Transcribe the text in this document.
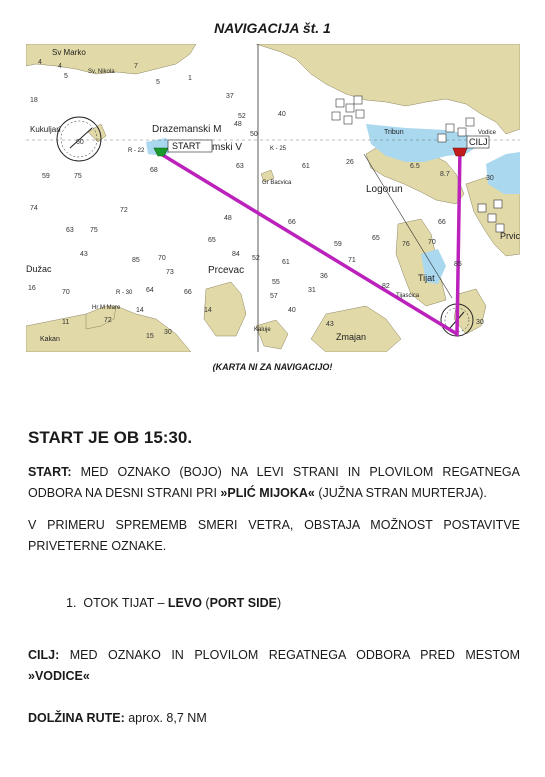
NAVIGACIJA št. 1
START	CILJ
Sv Marko
Sv. Nikola
Kukuljari	Drazemanski M
mski V
Gr Bacvica
Tribun	Vodice
Logorun
Prvic
Dužac	Prcevac
Tijat
Tijascica
Kakan
Kaluje
Zmajan
Hr M Mare
R - 22	K - 25
R - 30
4
4	7
5
5
1
18
37
60
48
52	40
50
68
63	61
26
59	75
72
74
66
70
73
70
65
63 75
43
16
70
85
64
61
59
84
66
55
15
72
48
6.5
8.7
30
57
40
11
71
14
30
66
30
14
31
36
82
76
85
65
52
43
(KARTA NI ZA NAVIGACIJO!
START JE OB 15:30.
START: MED OZNAKO (BOJO) NA LEVI STRANI IN PLOVILOM REGATNEGA ODBORA NA DESNI STRANI PRI »PLIĆ MIJOKA« (JUŽNA STRAN MURTERJA).
V PRIMERU SPREMEMB SMERI VETRA, OBSTAJA MOŽNOST POSTAVITVE PRIVETERNE OZNAKE.
1. OTOK TIJAT – LEVO (PORT SIDE)
CILJ: MED OZNAKO IN PLOVILOM REGATNEGA ODBORA PRED MESTOM »VODICE«
DOLŽINA RUTE: aprox. 8,7 NM
